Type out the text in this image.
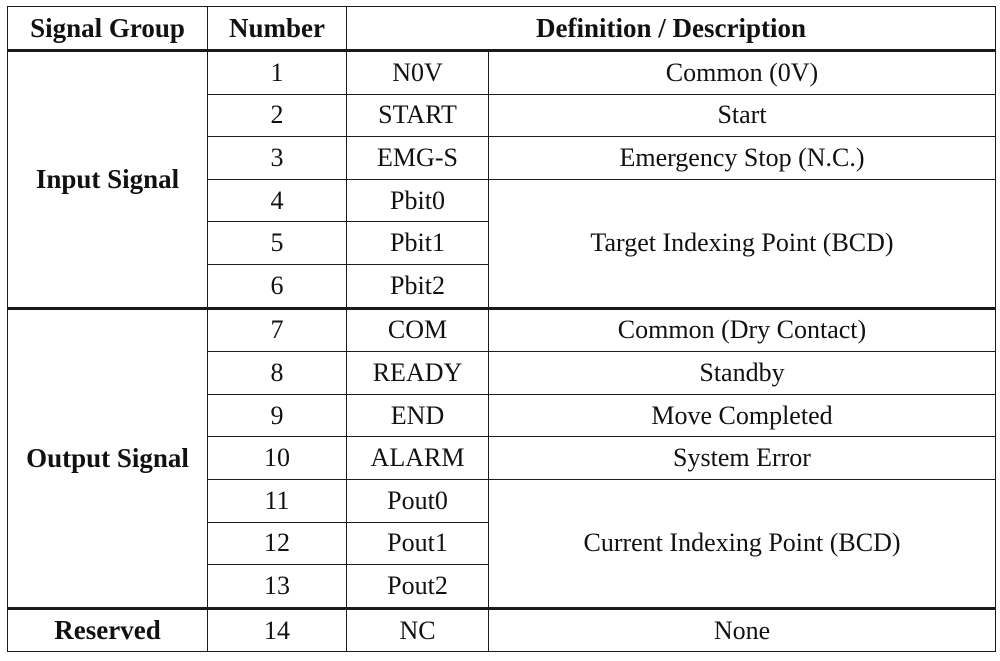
Signal Group	Number	Definition / Description	
Input Signal	1	N0V	Common (0V)
	2	START	Start
	3	EMG-S	Emergency Stop (N.C.)
	4	Pbit0	Target Indexing Point (BCD)
	5	Pbit1	
	6	Pbit2	
Output Signal	7	COM	Common (Dry Contact)
	8	READY	Standby
	9	END	Move Completed
	10	ALARM	System Error
	11	Pout0	Current Indexing Point (BCD)
	12	Pout1	
	13	Pout2	
Reserved	14	NC	None
